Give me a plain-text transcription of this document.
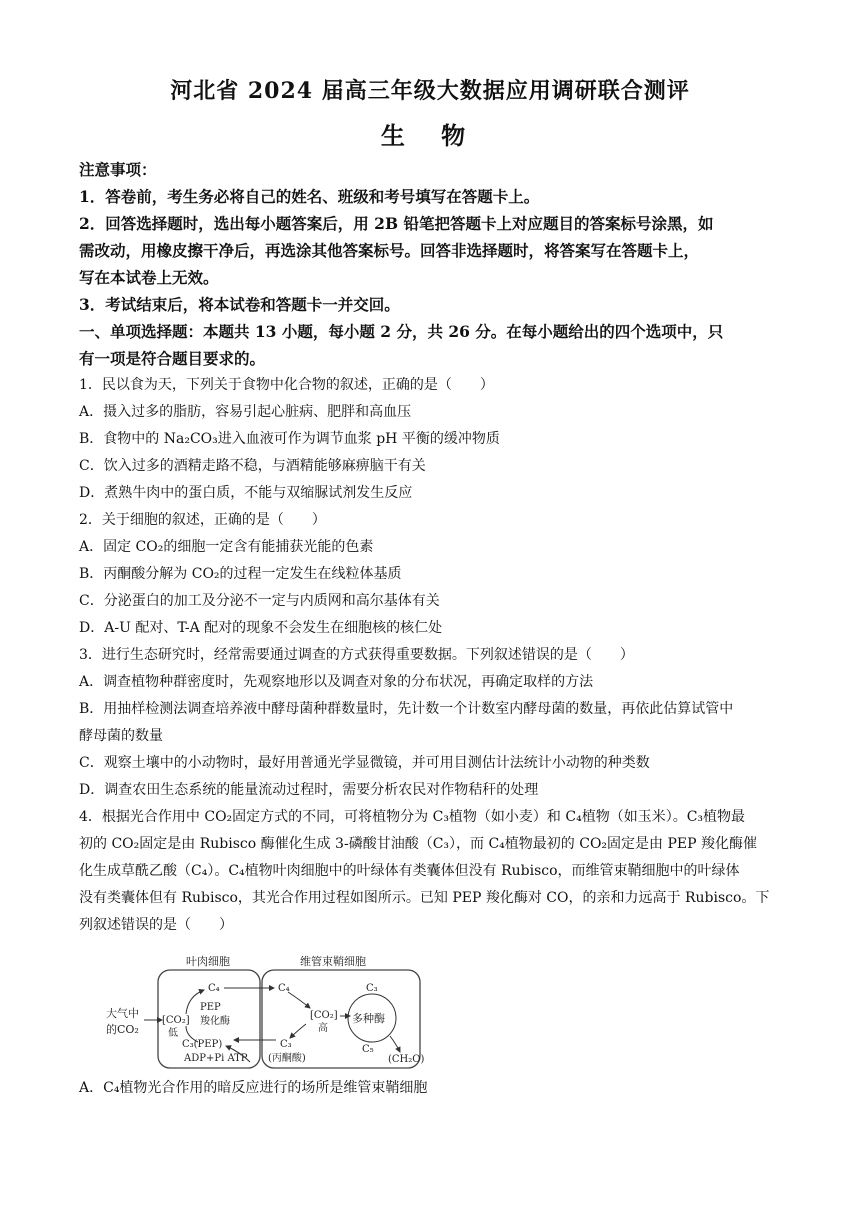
河北省 2024 届高三年级大数据应用调研联合测评
生 物
注意事项：
1．答卷前，考生务必将自己的姓名、班级和考号填写在答题卡上。
2．回答选择题时，选出每小题答案后，用 2B 铅笔把答题卡上对应题目的答案标号涂黑，如
需改动，用橡皮擦干净后，再选涂其他答案标号。回答非选择题时，将答案写在答题卡上，
写在本试卷上无效。
3．考试结束后，将本试卷和答题卡一并交回。
一、单项选择题：本题共 13 小题，每小题 2 分，共 26 分。在每小题给出的四个选项中，只
有一项是符合题目要求的。
1．民以食为天，下列关于食物中化合物的叙述，正确的是（　　）
A．摄入过多的脂肪，容易引起心脏病、肥胖和高血压
B．食物中的 Na₂CO₃进入血液可作为调节血浆 pH 平衡的缓冲物质
C．饮入过多的酒精走路不稳，与酒精能够麻痹脑干有关
D．煮熟牛肉中的蛋白质，不能与双缩脲试剂发生反应
2．关于细胞的叙述，正确的是（　　）
A．固定 CO₂的细胞一定含有能捕获光能的色素
B．丙酮酸分解为 CO₂的过程一定发生在线粒体基质
C．分泌蛋白的加工及分泌不一定与内质网和高尔基体有关
D．A-U 配对、T-A 配对的现象不会发生在细胞核的核仁处
3．进行生态研究时，经常需要通过调查的方式获得重要数据。下列叙述错误的是（　　）
A．调查植物种群密度时，先观察地形以及调查对象的分布状况，再确定取样的方法
B．用抽样检测法调查培养液中酵母菌种群数量时，先计数一个计数室内酵母菌的数量，再依此估算试管中
酵母菌的数量
C．观察土壤中的小动物时，最好用普通光学显微镜，并可用目测估计法统计小动物的种类数
D．调查农田生态系统的能量流动过程时，需要分析农民对作物秸秆的处理
4．根据光合作用中 CO₂固定方式的不同，可将植物分为 C₃植物（如小麦）和 C₄植物（如玉米）。C₃植物最
初的 CO₂固定是由 Rubisco 酶催化生成 3-磷酸甘油酸（C₃），而 C₄植物最初的 CO₂固定是由 PEP 羧化酶催
化生成草酰乙酸（C₄）。C₄植物叶肉细胞中的叶绿体有类囊体但没有 Rubisco，而维管束鞘细胞中的叶绿体
没有类囊体但有 Rubisco，其光合作用过程如图所示。已知 PEP 羧化酶对 CO，的亲和力远高于 Rubisco。下
列叙述错误的是（　　）
叶肉细胞	维管束鞘细胞
大气中
的CO₂
[CO₂]
低
C₄
PEP
羧化酶
C₃(PEP)
ADP+Pi ATP
C₄
[CO₂]
高
C₃
(丙酮酸)
C₃
多种酶
C₅
(CH₂O)
A．C₄植物光合作用的暗反应进行的场所是维管束鞘细胞
